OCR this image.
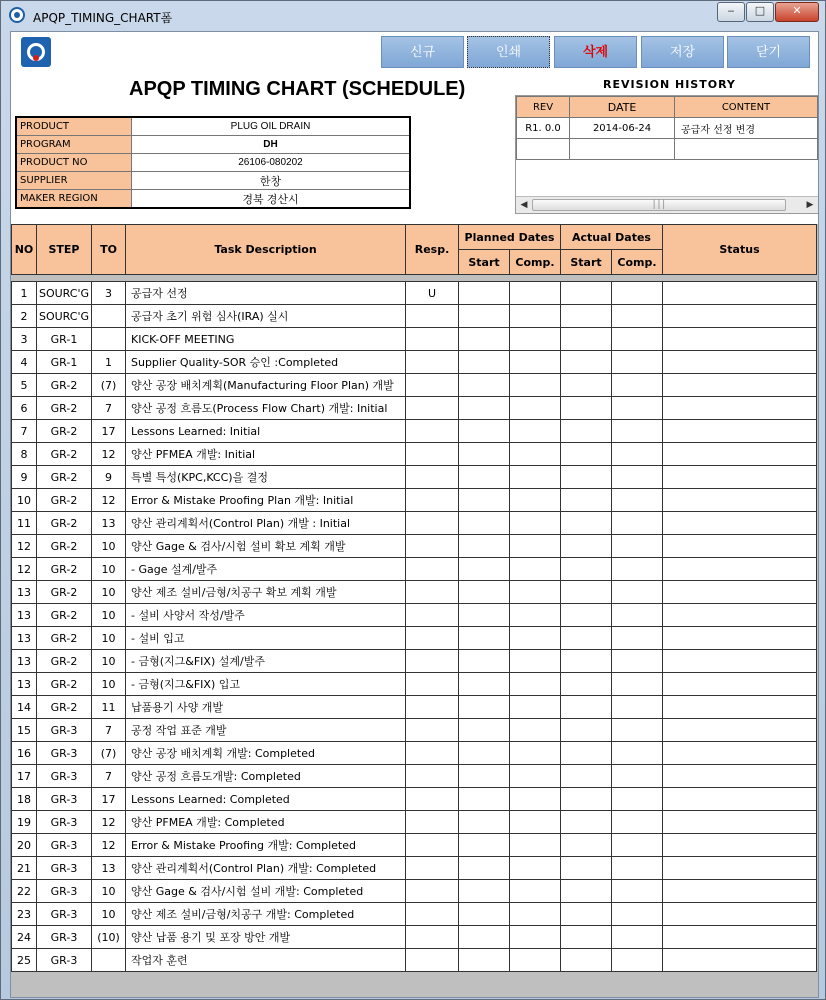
APQP_TIMING_CHART폼
‒	□	✕
신규	인쇄	삭제	저장	닫기
APQP TIMING CHART (SCHEDULE)
PRODUCT	PLUG OIL DRAIN
PROGRAM	DH
PRODUCT NO	26106-080202
SUPPLIER	한창
MAKER REGION	경북 경산시
REVISION HISTORY
REV	DATE	CONTENT
R1. 0.0	2014-06-24	공급자 선정 변경

◀	│││	▶
NO	STEP	TO	Task Description	Resp.	Planned Dates		Actual Dates		Status
					Start	Comp.	Start	Comp.	

1	SOURC'G	3	공급자 선정	U					
2	SOURC'G		공급자 초기 위험 심사(IRA) 실시						
3	GR-1		KICK-OFF MEETING						
4	GR-1	1	Supplier Quality-SOR 승인 :Completed						
5	GR-2	(7)	양산 공장 배치계획(Manufacturing Floor Plan) 개발						
6	GR-2	7	양산 공정 흐름도(Process Flow Chart) 개발: Initial						
7	GR-2	17	Lessons Learned: Initial						
8	GR-2	12	양산 PFMEA 개발: Initial						
9	GR-2	9	특별 특성(KPC,KCC)을 결정						
10	GR-2	12	Error & Mistake Proofing Plan 개발: Initial						
11	GR-2	13	양산 관리계획서(Control Plan) 개발 : Initial						
12	GR-2	10	양산 Gage & 검사/시험 설비 확보 계획 개발						
12	GR-2	10	- Gage 설계/발주						
13	GR-2	10	양산 제조 설비/금형/치공구 확보 계획 개발						
13	GR-2	10	- 설비 사양서 작성/발주						
13	GR-2	10	- 설비 입고						
13	GR-2	10	- 금형(지그&FIX) 설계/발주						
13	GR-2	10	- 금형(지그&FIX) 입고						
14	GR-2	11	납품용기 사양 개발						
15	GR-3	7	공정 작업 표준 개발						
16	GR-3	(7)	양산 공장 배치계획 개발: Completed						
17	GR-3	7	양산 공정 흐름도개발: Completed						
18	GR-3	17	Lessons Learned: Completed						
19	GR-3	12	양산 PFMEA 개발: Completed						
20	GR-3	12	Error & Mistake Proofing 개발: Completed						
21	GR-3	13	양산 관리계획서(Control Plan) 개발: Completed						
22	GR-3	10	양산 Gage & 검사/시험 설비 개발: Completed						
23	GR-3	10	양산 제조 설비/금형/치공구 개발: Completed						
24	GR-3	(10)	양산 납품 용기 및 포장 방안 개발						
25	GR-3		작업자 훈련						
